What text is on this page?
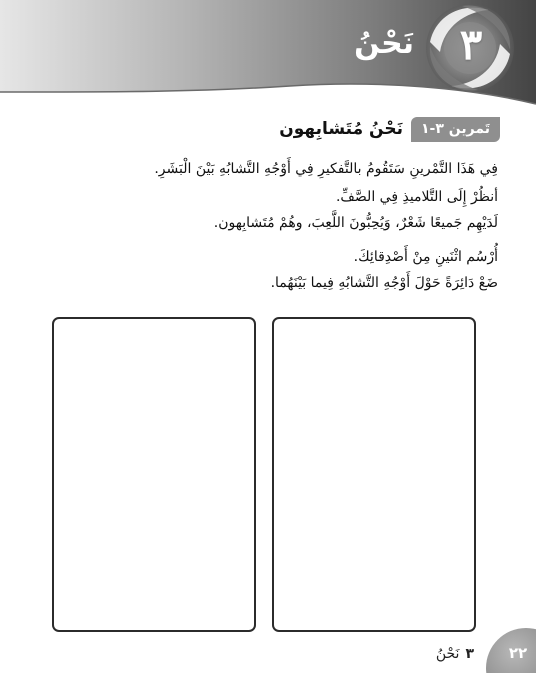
٣
نَحْنُ
تَمرين ٣-١
نَحْنُ مُتَشابِهون
فِي هَذَا التَّمْرينِ سَتَقُومُ بالتَّفكيرِ فِي أَوْجُهِ التَّشابُهِ بَيْنَ الْبَشَرِ.
أنظُرْ إِلَى التَّلاميذِ فِي الصَّفِّ.
لَدَيْهِم جَميعًا شَعْرٌ، وَيُحِبُّونَ اللَّعِبَ، وهُمْ مُتَشابِهون.
أُرْسُم اثْنَينِ مِنْ أَصْدِقائِكَ.
ضَعْ دَائِرَةً حَوْلَ أَوْجُهِ التَّشابُهِ فِيما بَيْنَهُما.
٢٢
٣نَحْنُ
